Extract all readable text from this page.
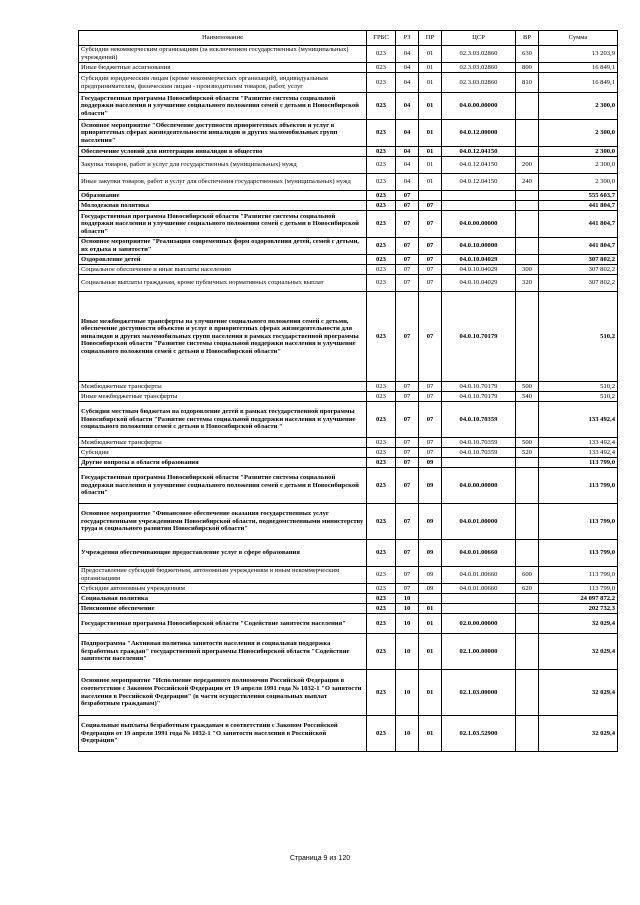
Наименование	ГРБС	РЗ	ПР	ЦСР	ВР	Сумма
Субсидии некоммерческим организациям (за исключением государственных (муниципальных) учреждений)	023	04	01	02.3.03.02860	630	13 203,9
Иные бюджетные ассигнования	023	04	01	02.3.03.02860	800	16 849,1
Субсидии юридическим лицам (кроме некоммерческих организаций), индивидуальным предпринимателям, физическим лицам - производителям товаров, работ, услуг	023	04	01	02.3.03.02860	810	16 849,1
Государственная программа Новосибирской области "Развитие системы социальной поддержки населения и улучшение социального положения семей с детьми в Новосибирской области"	023	04	01	04.0.00.00000		2 300,0
Основное мероприятие "Обеспечение доступности приоритетных объектов и услуг в приоритетных сферах жизнедеятельности инвалидов и других маломобильных групп населения"	023	04	01	04.0.12.00000		2 300,0
Обеспечение условий для интеграции инвалидов в общество	023	04	01	04.0.12.04150		2 300,0
Закупка товаров, работ и услуг для государственных (муниципальных) нужд	023	04	01	04.0.12.04150	200	2 300,0
Иные закупки товаров, работ и услуг для обеспечения государственных (муниципальных) нужд	023	04	01	04.0.12.04150	240	2 300,0
Образование	023	07				555 603,7
Молодежная политика	023	07	07			441 804,7
Государственная программа Новосибирской области "Развитие системы социальной поддержки населения и улучшение социального положения семей с детьми в Новосибирской области"	023	07	07	04.0.00.00000		441 804,7
Основное мероприятие "Реализация современных форм оздоровления детей, семей с детьми, их отдыха и занятости"	023	07	07	04.0.10.00000		441 804,7
Оздоровление детей	023	07	07	04.0.10.04029		307 802,2
Социальное обеспечение и иные выплаты населению	023	07	07	04.0.10.04029	300	307 802,2
Социальные выплаты гражданам, кроме публичных нормативных социальных выплат	023	07	07	04.0.10.04029	320	307 802,2
Иные межбюджетные трансферты на улучшение социального положения семей с детьми, обеспечение доступности объектов и услуг в приоритетных сферах жизнедеятельности для инвалидов и других маломобильных групп населения в рамках государственной программы Новосибирской области "Развитие системы социальной поддержки населения и улучшение социального положения семей с детьми в Новосибирской области"	023	07	07	04.0.10.70179		510,2
Межбюджетные трансферты	023	07	07	04.0.10.70179	500	510,2
Иные межбюджетные трансферты	023	07	07	04.0.10.70179	540	510,2
Субсидии местным бюджетам на оздоровление детей в рамках государственной программы Новосибирской области "Развитие системы социальной поддержки населения и улучшение социального положения семей с детьми в Новосибирской области "	023	07	07	04.0.10.70359		133 492,4
Межбюджетные трансферты	023	07	07	04.0.10.70359	500	133 492,4
Субсидии	023	07	07	04.0.10.70359	520	133 492,4
Другие вопросы в области образования	023	07	09			113 799,0
Государственная программа Новосибирской области "Развитие системы социальной поддержки населения и улучшение социального положения семей с детьми в Новосибирской области"	023	07	09	04.0.00.00000		113 799,0
Основное мероприятие "Финансовое обеспечение оказания государственных услуг государственными учреждениями Новосибирской области, подведомственными министерству труда и социального развития Новосибирской области"	023	07	09	04.0.01.00000		113 799,0
Учреждения обеспечивающие предоставление услуг в сфере образования	023	07	09	04.0.01.00660		113 799,0
Предоставление субсидий бюджетным, автономным учреждениям и иным некоммерческим организациям	023	07	09	04.0.01.00660	600	113 799,0
Субсидии автономным учреждениям	023	07	09	04.0.01.00660	620	113 799,0
Социальная политика	023	10				24 097 872,2
Пенсионное обеспечение	023	10	01			202 732,3
Государственная программа Новосибирской области "Содействие занятости населения"	023	10	01	02.0.00.00000		32 029,4
Подпрограмма "Активная политика занятости населения и социальная поддержка безработных граждан" государственной программы Новосибирской области "Содействие занятости населения"	023	10	01	02.1.00.00000		32 029,4
Основное мероприятие "Исполнение переданного полномочия Российской Федерации в соответствии с Законом Российской Федерации от 19 апреля 1991 года № 1032-1 "О занятости населения в Российской Федерации" (в части осуществления социальных выплат безработным гражданам)"	023	10	01	02.1.03.00000		32 029,4
Социальные выплаты безработным гражданам в соответствии с Законом Российской Федерации от 19 апреля 1991 года № 1032-1 "О занятости населения в Российской Федерации"	023	10	01	02.1.03.52900		32 029,4
Страница 9 из 120
